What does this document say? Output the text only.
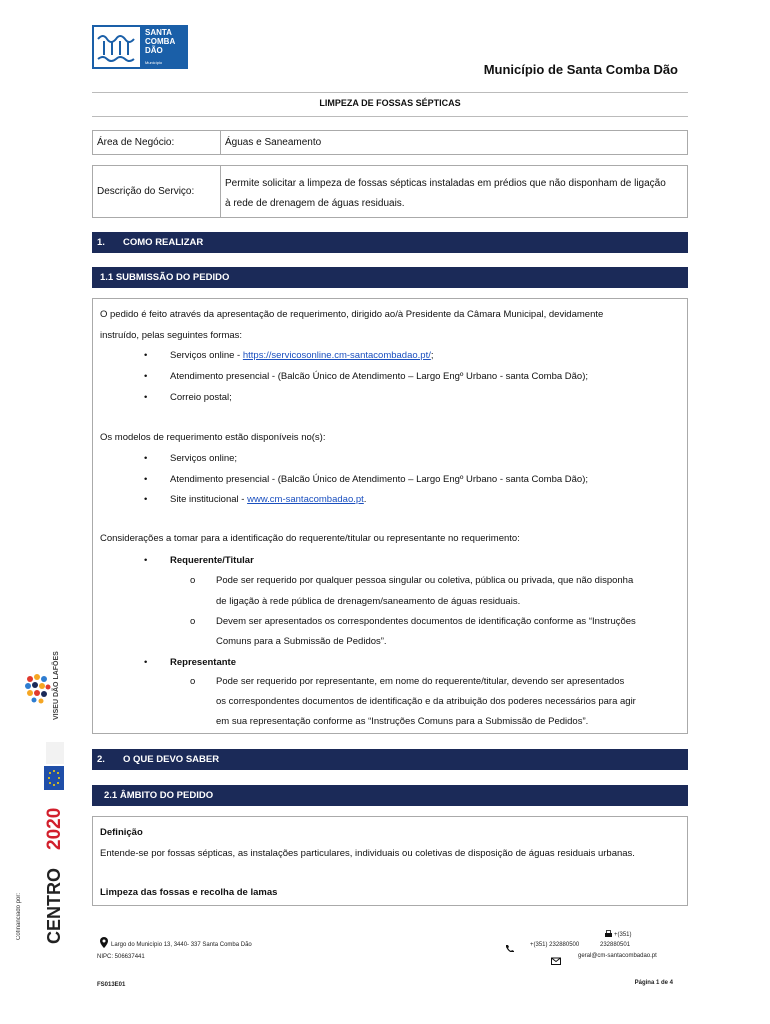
SANTA
COMBA
DÃO
Município	Município de Santa Comba Dão
LIMPEZA DE FOSSAS SÉPTICAS
Área de Negócio:	Águas e Saneamento
Descrição do Serviço:
Permite solicitar a limpeza de fossas sépticas instaladas em prédios que não disponham de ligação
à rede de drenagem de águas residuais.
1.	COMO REALIZAR
1.1 SUBMISSÃO DO PEDIDO
O pedido é feito através da apresentação de requerimento, dirigido ao/à Presidente da Câmara Municipal, devidamente
instruído, pelas seguintes formas:
• Serviços online - https://servicosonline.cm-santacombadao.pt/;
• Atendimento presencial - (Balcão Único de Atendimento – Largo Engº Urbano - santa Comba Dão);
• Correio postal;
Os modelos de requerimento estão disponíveis no(s):
• Serviços online;
• Atendimento presencial - (Balcão Único de Atendimento – Largo Engº Urbano - santa Comba Dão);
• Site institucional - www.cm-santacombadao.pt.
Considerações a tomar para a identificação do requerente/titular ou representante no requerimento:
• Requerente/Titular
o Pode ser requerido por qualquer pessoa singular ou coletiva, pública ou privada, que não disponha
de ligação à rede pública de drenagem/saneamento de águas residuais.
o Devem ser apresentados os correspondentes documentos de identificação conforme as “Instruções
Comuns para a Submissão de Pedidos”.
• Representante
o Pode ser requerido por representante, em nome do requerente/titular, devendo ser apresentados
os correspondentes documentos de identificação e da atribuição dos poderes necessários para agir
em sua representação conforme as “Instruções Comuns para a Submissão de Pedidos”.
2.	O QUE DEVO SABER
2.1 ÂMBITO DO PEDIDO
Definição
Entende-se por fossas sépticas, as instalações particulares, individuais ou coletivas de disposição de águas residuais urbanas.
Limpeza das fossas e recolha de lamas
VISEU DÃO LAFÕES
2020
Cofinanciado por:	CENTRO
Largo do Município 13, 3440- 337 Santa Comba Dão
NIPC: 506637441
+(351) 232880500
+(351)
232880501
geral@cm-santacombadao.pt
FS013E01	Página 1 de 4
